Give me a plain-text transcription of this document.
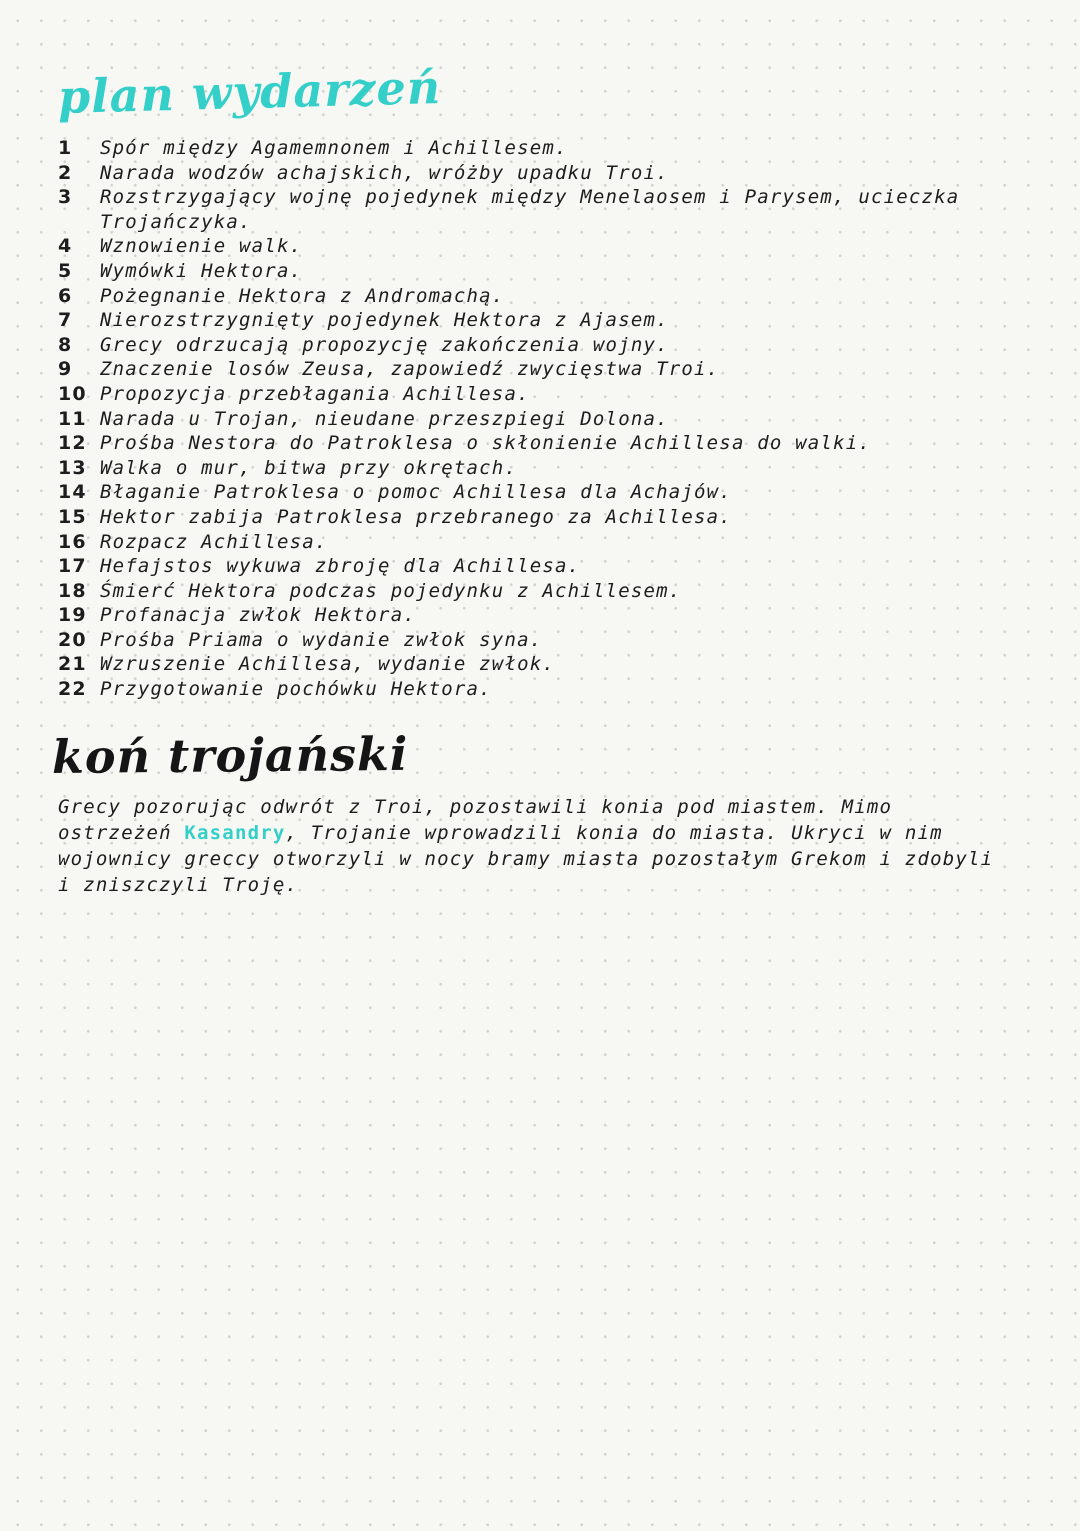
plan wydarzeń
1	Spór między Agamemnonem i Achillesem.
2	Narada wodzów achajskich, wróżby upadku Troi.
3	Rozstrzygający wojnę pojedynek między Menelaosem i Parysem, ucieczka Trojańczyka.
4	Wznowienie walk.
5	Wymówki Hektora.
6	Pożegnanie Hektora z Andromachą.
7	Nierozstrzygnięty pojedynek Hektora z Ajasem.
8	Grecy odrzucają propozycję zakończenia wojny.
9	Znaczenie losów Zeusa, zapowiedź zwycięstwa Troi.
10 Propozycja przebłagania Achillesa.
11 Narada u Trojan, nieudane przeszpiegi Dolona.
12 Prośba Nestora do Patroklesa o skłonienie Achillesa do walki.
13 Walka o mur, bitwa przy okrętach.
14 Błaganie Patroklesa o pomoc Achillesa dla Achajów.
15 Hektor zabija Patroklesa przebranego za Achillesa.
16 Rozpacz Achillesa.
17 Hefajstos wykuwa zbroję dla Achillesa.
18 Śmierć Hektora podczas pojedynku z Achillesem.
19 Profanacja zwłok Hektora.
20 Prośba Priama o wydanie zwłok syna.
21 Wzruszenie Achillesa, wydanie zwłok.
22 Przygotowanie pochówku Hektora.
koń trojański

Grecy pozorując odwrót z Troi, pozostawili konia pod miastem. Mimo ostrzeżeń Kasandry, Trojanie wprowadzili konia do miasta. Ukryci w nim wojownicy greccy otworzyli w nocy bramy miasta pozostałym Grekom i zdobyli i zniszczyli Troję.
